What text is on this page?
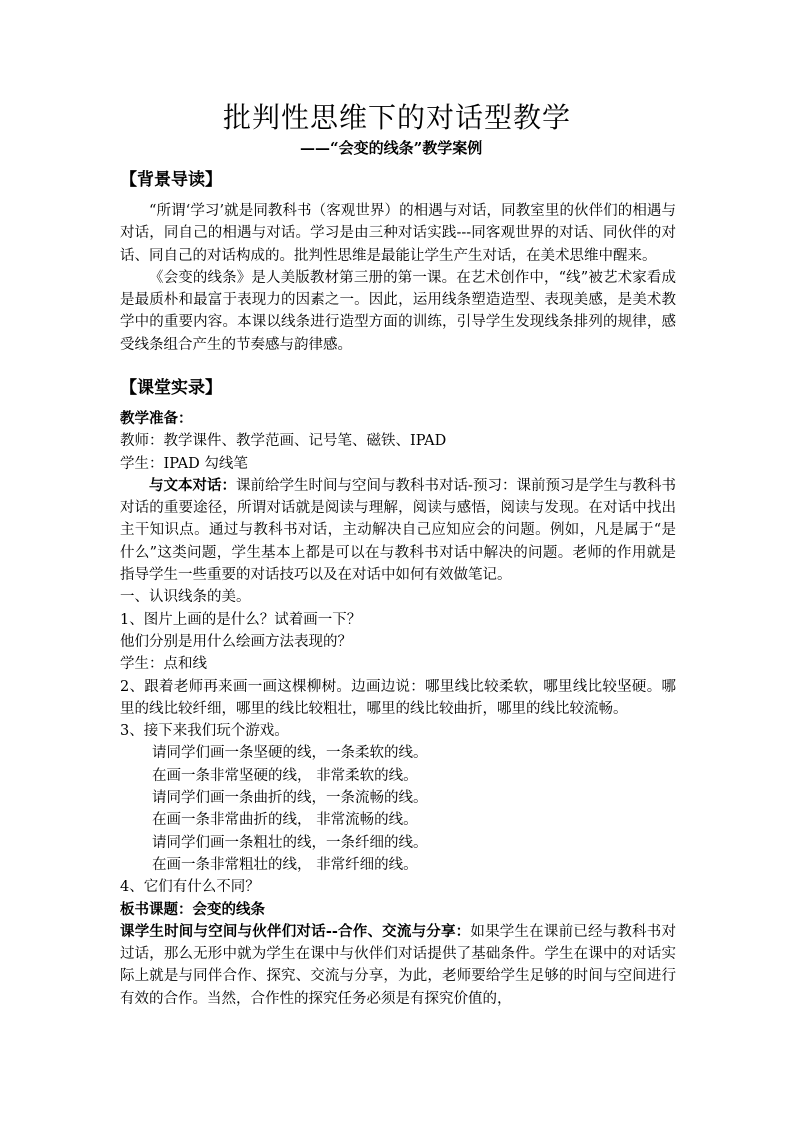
批判性思维下的对话型教学
——“会变的线条”教学案例
【背景导读】

“所谓‘学习’就是同教科书（客观世界）的相遇与对话，同教室里的伙伴们的相遇与对话，同自己的相遇与对话。学习是由三种对话实践---同客观世界的对话、同伙伴的对话、同自己的对话构成的。批判性思维是最能让学生产生对话，在美术思维中醒来。

《会变的线条》是人美版教材第三册的第一课。在艺术创作中，“线”被艺术家看成是最质朴和最富于表现力的因素之一。因此，运用线条塑造造型、表现美感，是美术教学中的重要内容。本课以线条进行造型方面的训练，引导学生发现线条排列的规律，感受线条组合产生的节奏感与韵律感。

【课堂实录】

教学准备：

教师：教学课件、教学范画、记号笔、磁铁、IPAD

学生：IPAD 勾线笔

与文本对话：课前给学生时间与空间与教科书对话-预习：课前预习是学生与教科书对话的重要途径，所谓对话就是阅读与理解，阅读与感悟，阅读与发现。在对话中找出主干知识点。通过与教科书对话，主动解决自己应知应会的问题。例如，凡是属于“是什么”这类问题，学生基本上都是可以在与教科书对话中解决的问题。老师的作用就是指导学生一些重要的对话技巧以及在对话中如何有效做笔记。

一、认识线条的美。

1、图片上画的是什么？试着画一下？

他们分别是用什么绘画方法表现的？

学生：点和线

2、跟着老师再来画一画这棵柳树。边画边说：哪里线比较柔软，哪里线比较坚硬。哪里的线比较纤细，哪里的线比较粗壮，哪里的线比较曲折，哪里的线比较流畅。

3、接下来我们玩个游戏。

请同学们画一条坚硬的线，一条柔软的线。
在画一条非常坚硬的线， 非常柔软的线。
请同学们画一条曲折的线，一条流畅的线。
在画一条非常曲折的线， 非常流畅的线。
请同学们画一条粗壮的线，一条纤细的线。
在画一条非常粗壮的线， 非常纤细的线。

4、它们有什么不同？

板书课题：会变的线条

课学生时间与空间与伙伴们对话--合作、交流与分享：如果学生在课前已经与教科书对过话，那么无形中就为学生在课中与伙伴们对话提供了基础条件。学生在课中的对话实际上就是与同伴合作、探究、交流与分享，为此，老师要给学生足够的时间与空间进行有效的合作。当然，合作性的探究任务必须是有探究价值的，
